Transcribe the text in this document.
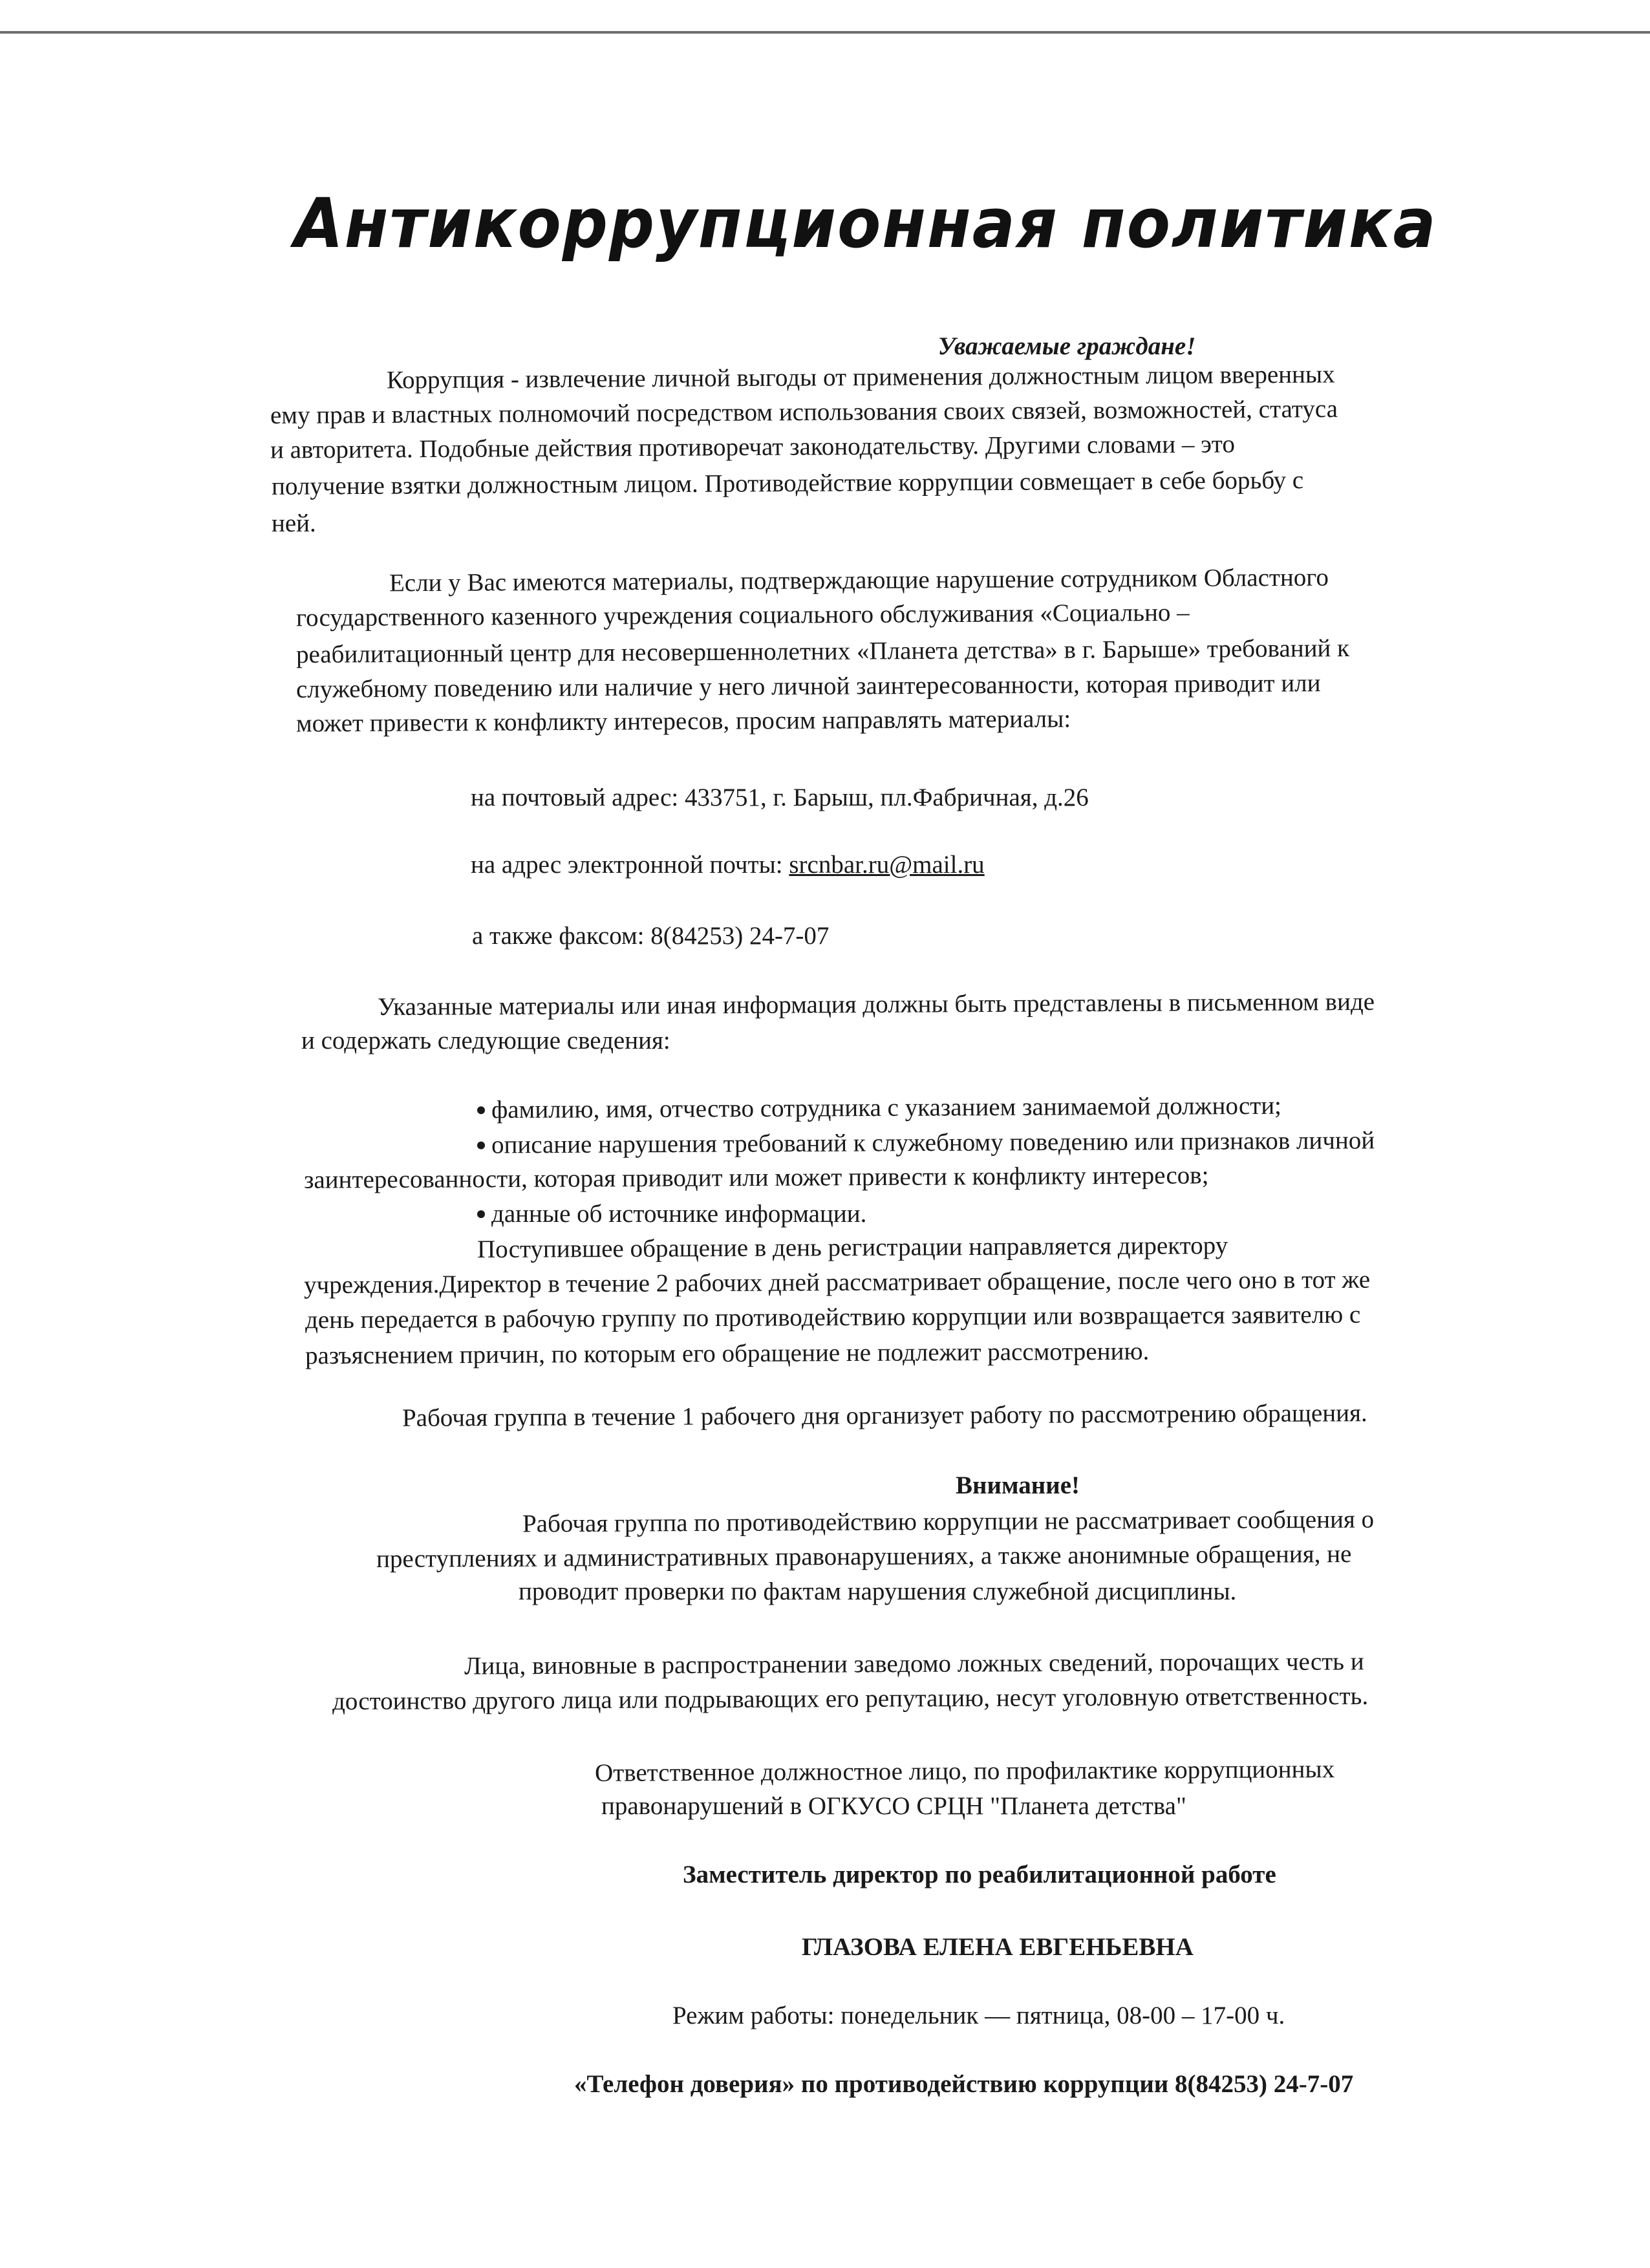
Антикоррупционная политика

Уважаемые граждане!

Коррупция - извлечение личной выгоды от применения должностным лицом вверенных

ему прав и властных полномочий посредством использования своих связей, возможностей, статуса

и авторитета. Подобные действия противоречат законодательству. Другими словами – это

получение взятки должностным лицом. Противодействие коррупции совмещает в себе борьбу с

ней.

Если у Вас имеются материалы, подтверждающие нарушение сотрудником Областного

государственного казенного учреждения социального обслуживания «Социально –

реабилитационный центр для несовершеннолетних «Планета детства» в г. Барыше» требований к

служебному поведению или наличие у него личной заинтересованности, которая приводит или

может привести к конфликту интересов, просим направлять материалы:

на почтовый адрес: 433751, г. Барыш, пл.Фабричная, д.26

на адрес электронной почты: srcnbar.ru@mail.ru

а также факсом: 8(84253) 24-7-07

Указанные материалы или иная информация должны быть представлены в письменном виде

и содержать следующие сведения:

фамилию, имя, отчество сотрудника с указанием занимаемой должности;

описание нарушения требований к служебному поведению или признаков личной

заинтересованности, которая приводит или может привести к конфликту интересов;

данные об источнике информации.

Поступившее обращение в день регистрации направляется директору

учреждения.Директор в течение 2 рабочих дней рассматривает обращение, после чего оно в тот же

день передается в рабочую группу по противодействию коррупции или возвращается заявителю с

разъяснением причин, по которым его обращение не подлежит рассмотрению.

Рабочая группа в течение 1 рабочего дня организует работу по рассмотрению обращения.

Внимание!

Рабочая группа по противодействию коррупции не рассматривает сообщения о

преступлениях и административных правонарушениях, а также анонимные обращения, не

проводит проверки по фактам нарушения служебной дисциплины.

Лица, виновные в распространении заведомо ложных сведений, порочащих честь и

достоинство другого лица или подрывающих его репутацию, несут уголовную ответственность.

Ответственное должностное лицо, по профилактике коррупционных

правонарушений в ОГКУСО СРЦН "Планета детства"

Заместитель директор по реабилитационной работе

ГЛАЗОВА ЕЛЕНА ЕВГЕНЬЕВНА

Режим работы: понедельник — пятница, 08-00 – 17-00 ч.

«Телефон доверия» по противодействию коррупции 8(84253) 24-7-07
